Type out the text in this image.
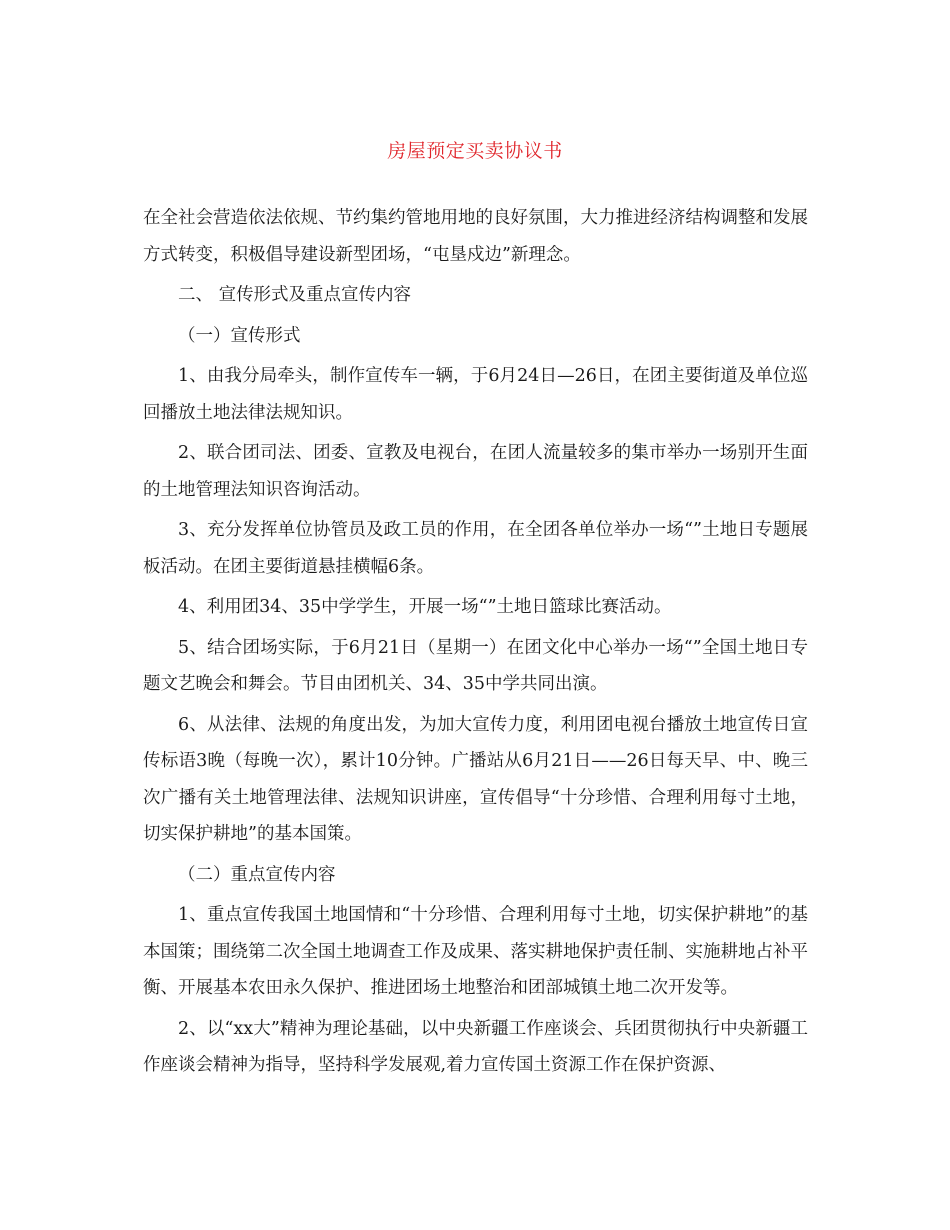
房屋预定买卖协议书

在全社会营造依法依规、节约集约管地用地的良好氛围，大力推进经济结构调整和发展方式转变，积极倡导建设新型团场，“屯垦戍边”新理念。

二、 宣传形式及重点宣传内容

（一）宣传形式

1、由我分局牵头，制作宣传车一辆，于6月24日—26日，在团主要街道及单位巡回播放土地法律法规知识。

2、联合团司法、团委、宣教及电视台，在团人流量较多的集市举办一场别开生面的土地管理法知识咨询活动。

3、充分发挥单位协管员及政工员的作用，在全团各单位举办一场“”土地日专题展板活动。在团主要街道悬挂横幅6条。

4、利用团34、35中学学生，开展一场“”土地日篮球比赛活动。

5、结合团场实际，于6月21日（星期一）在团文化中心举办一场“”全国土地日专题文艺晚会和舞会。节目由团机关、34、35中学共同出演。

6、从法律、法规的角度出发，为加大宣传力度，利用团电视台播放土地宣传日宣传标语3晚（每晚一次），累计10分钟。广播站从6月21日——26日每天早、中、晚三次广播有关土地管理法律、法规知识讲座，宣传倡导“十分珍惜、合理利用每寸土地，切实保护耕地”的基本国策。

（二）重点宣传内容

1、重点宣传我国土地国情和“十分珍惜、合理利用每寸土地，切实保护耕地”的基本国策；围绕第二次全国土地调查工作及成果、落实耕地保护责任制、实施耕地占补平衡、开展基本农田永久保护、推进团场土地整治和团部城镇土地二次开发等。

2、以“xx大”精神为理论基础，以中央新疆工作座谈会、兵团贯彻执行中央新疆工作座谈会精神为指导，坚持科学发展观,着力宣传国土资源工作在保护资源、
